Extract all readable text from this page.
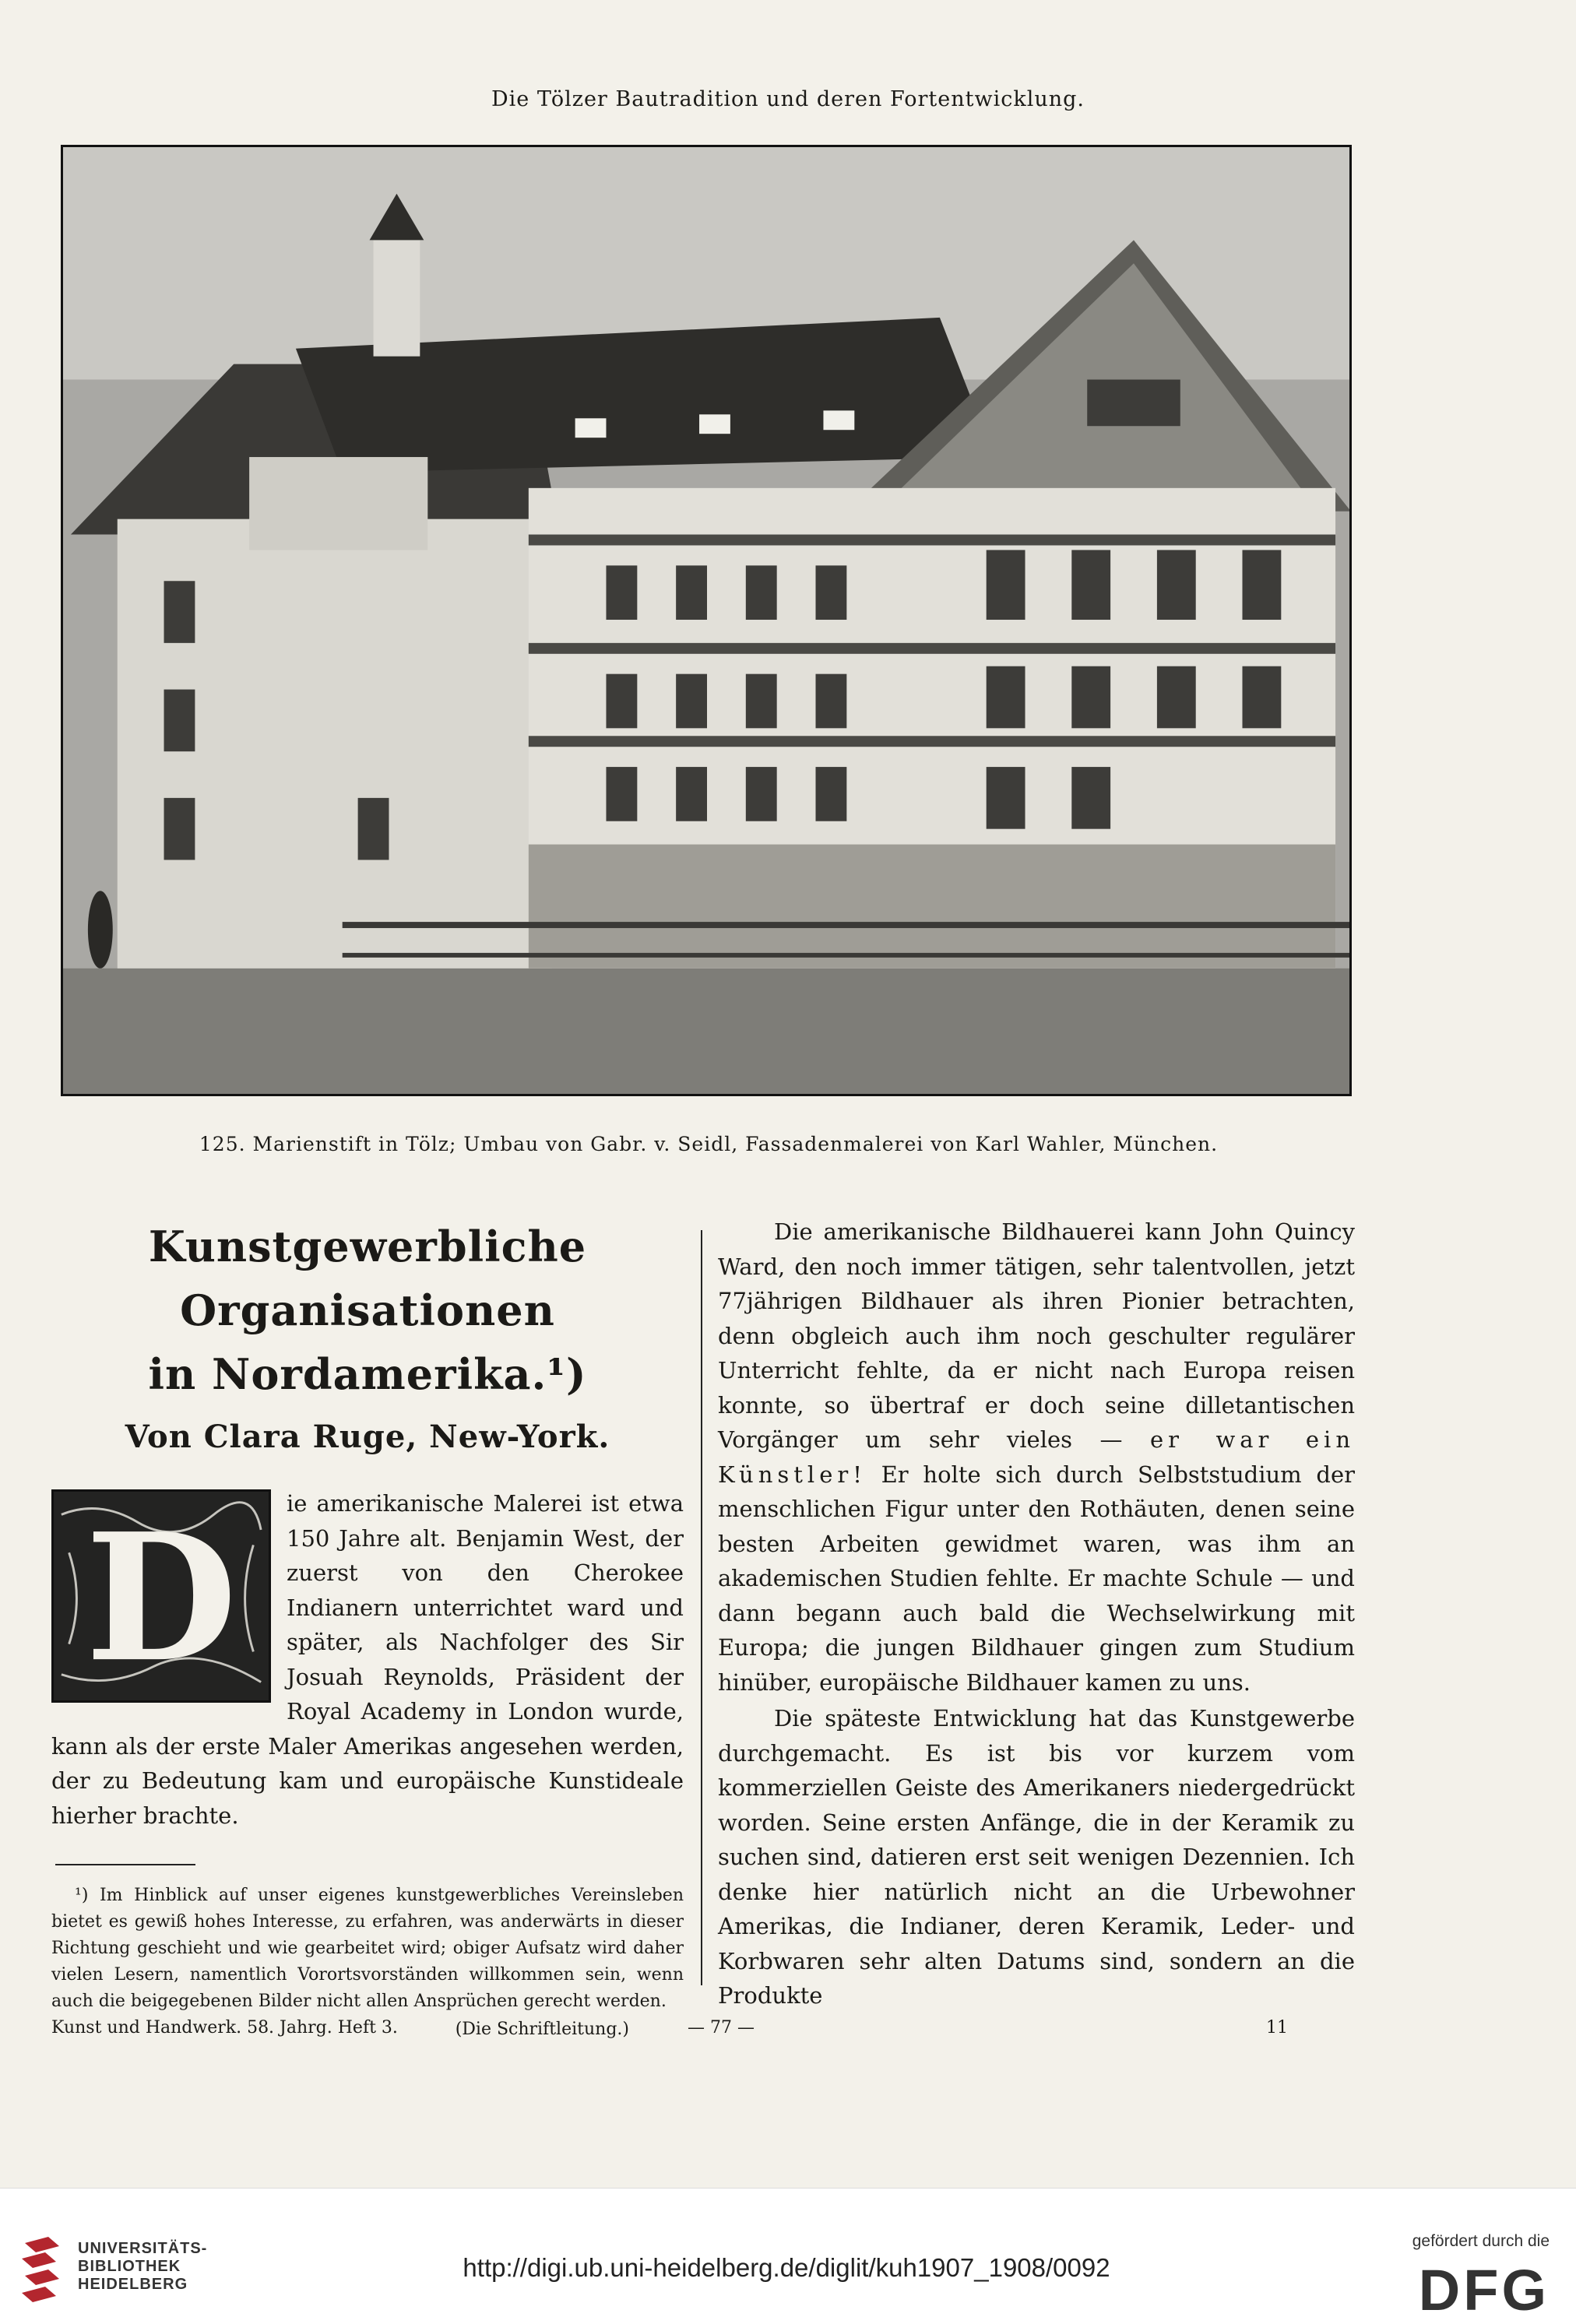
Die Tölzer Bautradition und deren Fortentwicklung.
125. Marienstift in Tölz; Umbau von Gabr. v. Seidl, Fassadenmalerei von Karl Wahler, München.
Kunstgewerbliche Organisationen
in Nordamerika.¹)
Von Clara Ruge, New-York.
D ie amerikanische Malerei ist etwa 150 Jahre alt. Benjamin West, der zuerst von den Cherokee Indianern unterrichtet ward und später, als Nachfolger des Sir Josuah Reynolds, Präsident der Royal Academy in London wurde, kann als der erste Maler Amerikas angesehen werden, der zu Bedeutung kam und europäische Kunstideale hierher brachte.
¹) Im Hinblick auf unser eigenes kunstgewerbliches Vereinsleben bietet es gewiß hohes Interesse, zu erfahren, was anderwärts in dieser Richtung geschieht und wie gearbeitet wird; obiger Aufsatz wird daher vielen Lesern, namentlich Vorortsvorständen willkommen sein, wenn auch die beigegebenen Bilder nicht allen Ansprüchen gerecht werden.
(Die Schriftleitung.)

Die amerikanische Bildhauerei kann John Quincy Ward, den noch immer tätigen, sehr talentvollen, jetzt 77jährigen Bildhauer als ihren Pionier betrachten, denn obgleich auch ihm noch geschulter regulärer Unterricht fehlte, da er nicht nach Europa reisen konnte, so übertraf er doch seine dilletantischen Vorgänger um sehr vieles — er war ein Künstler! Er holte sich durch Selbststudium der menschlichen Figur unter den Rothäuten, denen seine besten Arbeiten gewidmet waren, was ihm an akademischen Studien fehlte. Er machte Schule — und dann begann auch bald die Wechselwirkung mit Europa; die jungen Bildhauer gingen zum Studium hinüber, europäische Bildhauer kamen zu uns.

Die späteste Entwicklung hat das Kunstgewerbe durchgemacht. Es ist bis vor kurzem vom kommerziellen Geiste des Amerikaners niedergedrückt worden. Seine ersten Anfänge, die in der Keramik zu suchen sind, datieren erst seit wenigen Dezennien. Ich denke hier natürlich nicht an die Urbewohner Amerikas, die Indianer, deren Keramik, Leder- und Korbwaren sehr alten Datums sind, sondern an die Produkte

Kunst und Handwerk. 58. Jahrg. Heft 3.	— 77 —	11
UNIVERSITÄTS-
BIBLIOTHEK
HEIDELBERG
http://digi.ub.uni-heidelberg.de/diglit/kuh1907_1908/0092
gefördert durch die
DFG
